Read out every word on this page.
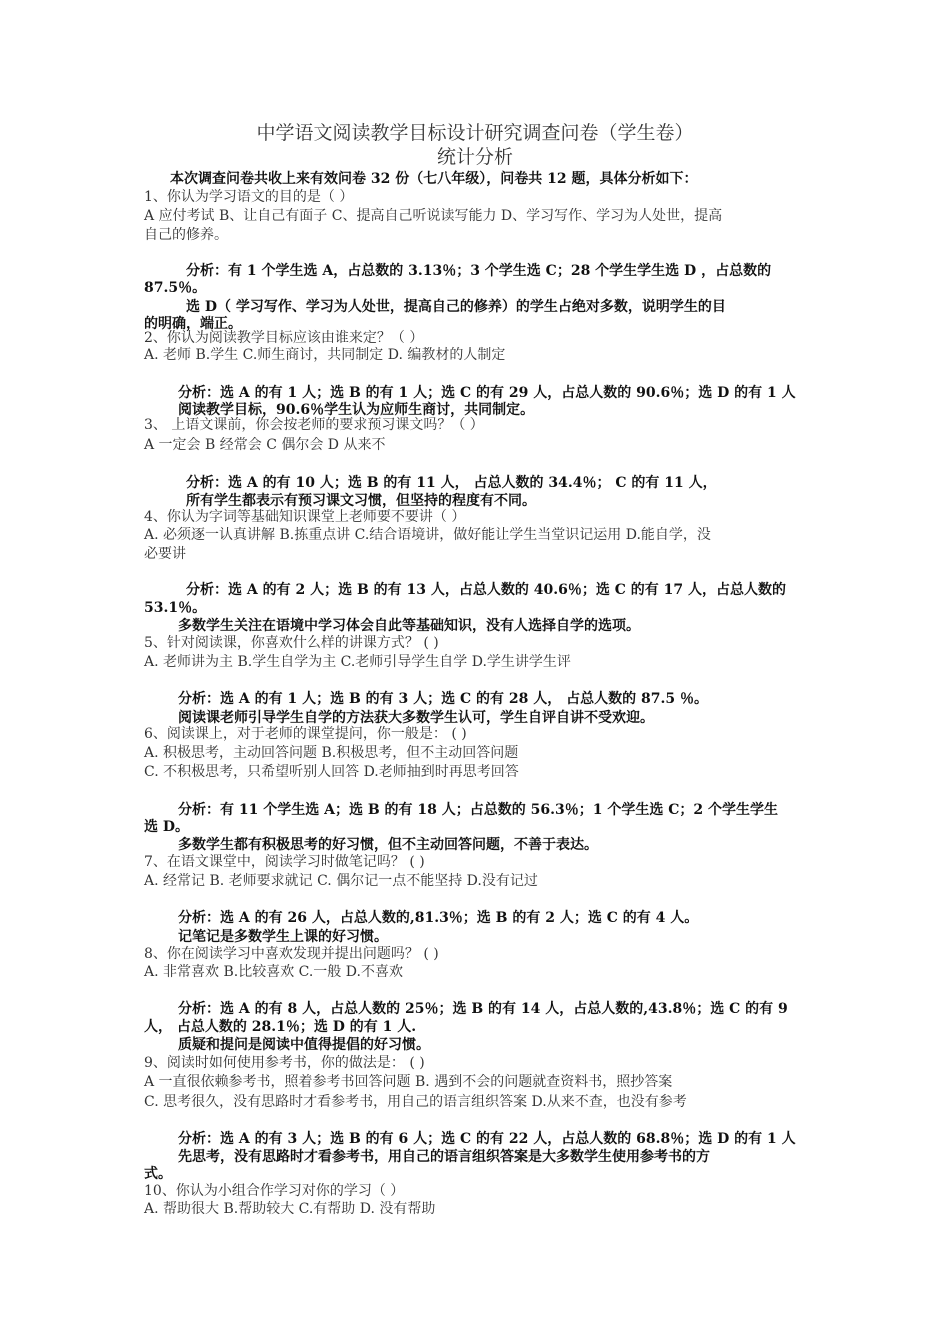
中学语文阅读教学目标设计研究调查问卷（学生卷）
统计分析
本次调查问卷共收上来有效问卷 32 份（七八年级），问卷共 12 题，具体分析如下：
1、你认为学习语文的目的是（ ）
A 应付考试 B、让自己有面子 C、提高自己听说读写能力 D、学习写作、学习为人处世，提高
自己的修养。
分析：有 1 个学生选 A，占总数的 3.13％；3 个学生选 C；28 个学生学生选 D ，占总数的
87.5％。
选 D（ 学习写作、学习为人处世，提高自己的修养）的学生占绝对多数，说明学生的目
的明确，端正。
2、你认为阅读教学目标应该由谁来定？（ ）
A. 老师 B.学生 C.师生商讨，共同制定 D. 编教材的人制定
分析：选 A 的有 1 人；选 B 的有 1 人；选 C 的有 29 人，占总人数的 90.6％；选 D 的有 1 人
阅读教学目标，90.6％学生认为应师生商讨，共同制定。
3、 上语文课前，你会按老师的要求预习课文吗？（ ）
A 一定会 B 经常会 C 偶尔会 D 从来不
分析：选 A 的有 10 人；选 B 的有 11 人， 占总人数的 34.4％； C 的有 11 人，
所有学生都表示有预习课文习惯，但坚持的程度有不同。
4、你认为字词等基础知识课堂上老师要不要讲（ ）
A. 必须逐一认真讲解 B.拣重点讲 C.结合语境讲，做好能让学生当堂识记运用 D.能自学，没
必要讲
分析：选 A 的有 2 人；选 B 的有 13 人，占总人数的 40.6％；选 C 的有 17 人，占总人数的
53.1％。
多数学生关注在语境中学习体会自此等基础知识，没有人选择自学的选项。
5、针对阅读课，你喜欢什么样的讲课方式？ ( )
A. 老师讲为主 B.学生自学为主 C.老师引导学生自学 D.学生讲学生评
分析：选 A 的有 1 人；选 B 的有 3 人；选 C 的有 28 人， 占总人数的 87.5 ％。
阅读课老师引导学生自学的方法获大多数学生认可，学生自评自讲不受欢迎。
6、阅读课上，对于老师的课堂提问，你一般是： ( )
A. 积极思考，主动回答问题 B.积极思考，但不主动回答问题
C. 不积极思考，只希望听别人回答 D.老师抽到时再思考回答
分析：有 11 个学生选 A；选 B 的有 18 人；占总数的 56.3％；1 个学生选 C；2 个学生学生
选 D。
多数学生都有积极思考的好习惯，但不主动回答问题，不善于表达。
7、在语文课堂中，阅读学习时做笔记吗？ ( )
A. 经常记 B. 老师要求就记 C. 偶尔记一点不能坚持 D.没有记过
分析：选 A 的有 26 人，占总人数的,81.3％；选 B 的有 2 人；选 C 的有 4 人。
记笔记是多数学生上课的好习惯。
8、你在阅读学习中喜欢发现并提出问题吗？ ( )
A. 非常喜欢 B.比较喜欢 C.一般 D.不喜欢
分析：选 A 的有 8 人，占总人数的 25％；选 B 的有 14 人，占总人数的,43.8％；选 C 的有 9
人， 占总人数的 28.1％；选 D 的有 1 人.
质疑和提问是阅读中值得提倡的好习惯。
9、阅读时如何使用参考书，你的做法是： ( )
A 一直很依赖参考书，照着参考书回答问题 B. 遇到不会的问题就查资料书，照抄答案
C. 思考很久，没有思路时才看参考书，用自己的语言组织答案 D.从来不查，也没有参考
分析：选 A 的有 3 人；选 B 的有 6 人；选 C 的有 22 人，占总人数的 68.8％；选 D 的有 1 人
先思考，没有思路时才看参考书，用自己的语言组织答案是大多数学生使用参考书的方
式。
10、你认为小组合作学习对你的学习（ ）
A. 帮助很大 B.帮助较大 C.有帮助 D. 没有帮助
